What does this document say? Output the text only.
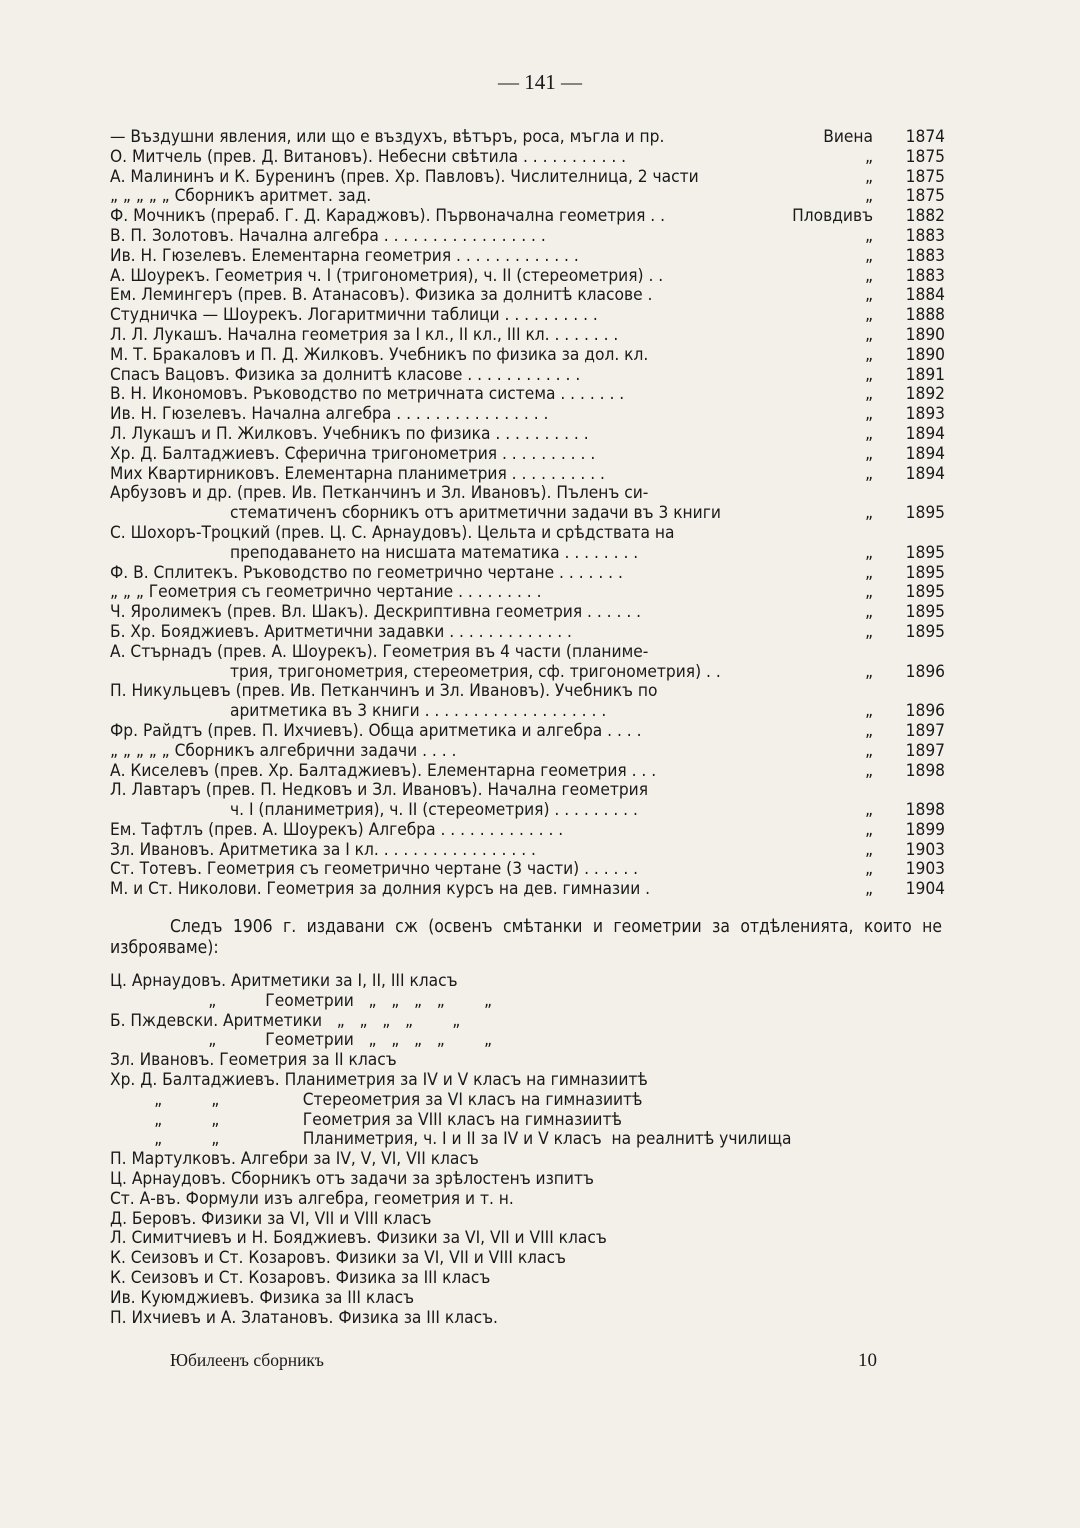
— 141 —
— Въздушни явления, или що е въздухъ, вѣтъръ, роса, мъгла и пр.	Виена	1874
О. Митчель (прев. Д. Витановъ). Небесни свѣтила . . . . . . . . . . .	„	1875
А. Малининъ и К. Буренинъ (прев. Хр. Павловъ). Числителница, 2 части	„	1875
„ „ „ „ „ Сборникъ аритмет. зад.	„	1875
Ф. Мочникъ (прераб. Г. Д. Караджовъ). Първоначална геометрия . .	Пловдивъ	1882
В. П. Золотовъ. Начална алгебра . . . . . . . . . . . . . . . . .	„	1883
Ив. Н. Гюзелевъ. Елементарна геометрия . . . . . . . . . . . . .	„	1883
А. Шоурекъ. Геометрия ч. I (тригонометрия), ч. II (стереометрия) . .	„	1883
Ем. Лемингеръ (прев. В. Атанасовъ). Физика за долнитѣ класове .	„	1884
Студничка — Шоурекъ. Логаритмични таблици . . . . . . . . . .	„	1888
Л. Л. Лукашъ. Начална геометрия за I кл., II кл., III кл. . . . . . . .	„	1890
М. Т. Бракаловъ и П. Д. Жилковъ. Учебникъ по физика за дол. кл.	„	1890
Спасъ Вацовъ. Физика за долнитѣ класове . . . . . . . . . . . .	„	1891
В. Н. Икономовъ. Ръководство по метричната система . . . . . . .	„	1892
Ив. Н. Гюзелевъ. Начална алгебра . . . . . . . . . . . . . . . .	„	1893
Л. Лукашъ и П. Жилковъ. Учебникъ по физика . . . . . . . . . .	„	1894
Хр. Д. Балтаджиевъ. Сферична тригонометрия . . . . . . . . . .	„	1894
Мих Квартирниковъ. Елементарна планиметрия . . . . . . . . . .	„	1894
Арбузовъ и др. (прев. Ив. Петканчинъ и Зл. Ивановъ). Пъленъ си-
стематиченъ сборникъ отъ аритметични задачи въ 3 книги	„	1895
С. Шохоръ-Троцкий (прев. Ц. С. Арнаудовъ). Цельта и срѣдствата на
преподаването на нисшата математика . . . . . . . .	„	1895
Ф. В. Сплитекъ. Ръководство по геометрично чертане . . . . . . .	„	1895
„ „ „ Геометрия съ геометрично чертание . . . . . . . . .	„	1895
Ч. Яролимекъ (прев. Вл. Шакъ). Дескриптивна геометрия . . . . . .	„	1895
Б. Хр. Бояджиевъ. Аритметични задавки . . . . . . . . . . . . .	„	1895
А. Стърнадъ (прев. А. Шоурекъ). Геометрия въ 4 части (планиме-
трия, тригонометрия, стереометрия, сф. тригонометрия) . .	„	1896
П. Никульцевъ (прев. Ив. Петканчинъ и Зл. Ивановъ). Учебникъ по
аритметика въ 3 книги . . . . . . . . . . . . . . . . . . .	„	1896
Фр. Райдтъ (прев. П. Ихчиевъ). Обща аритметика и алгебра . . . .	„	1897
„ „ „ „ „ Сборникъ алгебрични задачи . . . .	„	1897
А. Киселевъ (прев. Хр. Балтаджиевъ). Елементарна геометрия . . .	„	1898
Л. Лавтаръ (прев. П. Недковъ и Зл. Ивановъ). Начална геометрия
ч. I (планиметрия), ч. II (стереометрия) . . . . . . . . .	„	1898
Ем. Тафтлъ (прев. А. Шоурекъ) Алгебра . . . . . . . . . . . . .	„	1899
Зл. Ивановъ. Аритметика за I кл. . . . . . . . . . . . . . . . .	„	1903
Ст. Тотевъ. Геометрия съ геометрично чертане (3 части) . . . . . .	„	1903
М. и Ст. Николови. Геометрия за долния курсъ на дев. гимназии .	„	1904
Следъ 1906 г. издавани сж (освенъ смѣтанки и геометрии за отдѣленията, които не изброяваме):
Ц. Арнаудовъ. Аритметики за I, II, III класъ
„          Геометрии   „   „   „   „        „
Б. Пждевски. Аритметики   „   „   „   „        „
„          Геометрии   „   „   „   „        „
Зл. Ивановъ. Геометрия за II класъ
Хр. Д. Балтаджиевъ. Планиметрия за IV и V класъ на гимназиитѣ
„          „                 Стереометрия за VI класъ на гимназиитѣ
„          „                 Геометрия за VIII класъ на гимназиитѣ
„          „                 Планиметрия, ч. I и II за IV и V класъ  на реалнитѣ училища
П. Мартулковъ. Алгебри за IV, V, VI, VII класъ
Ц. Арнаудовъ. Сборникъ отъ задачи за зрѣлостенъ изпитъ
Ст. А-въ. Формули изъ алгебра, геометрия и т. н.
Д. Беровъ. Физики за VI, VII и VIII класъ
Л. Симитчиевъ и Н. Бояджиевъ. Физики за VI, VII и VIII класъ
К. Сеизовъ и Ст. Козаровъ. Физики за VI, VII и VIII класъ
К. Сеизовъ и Ст. Козаровъ. Физика за III класъ
Ив. Куюмджиевъ. Физика за III класъ
П. Ихчиевъ и А. Златановъ. Физика за III класъ.
Юбилеенъ сборникъ	10
